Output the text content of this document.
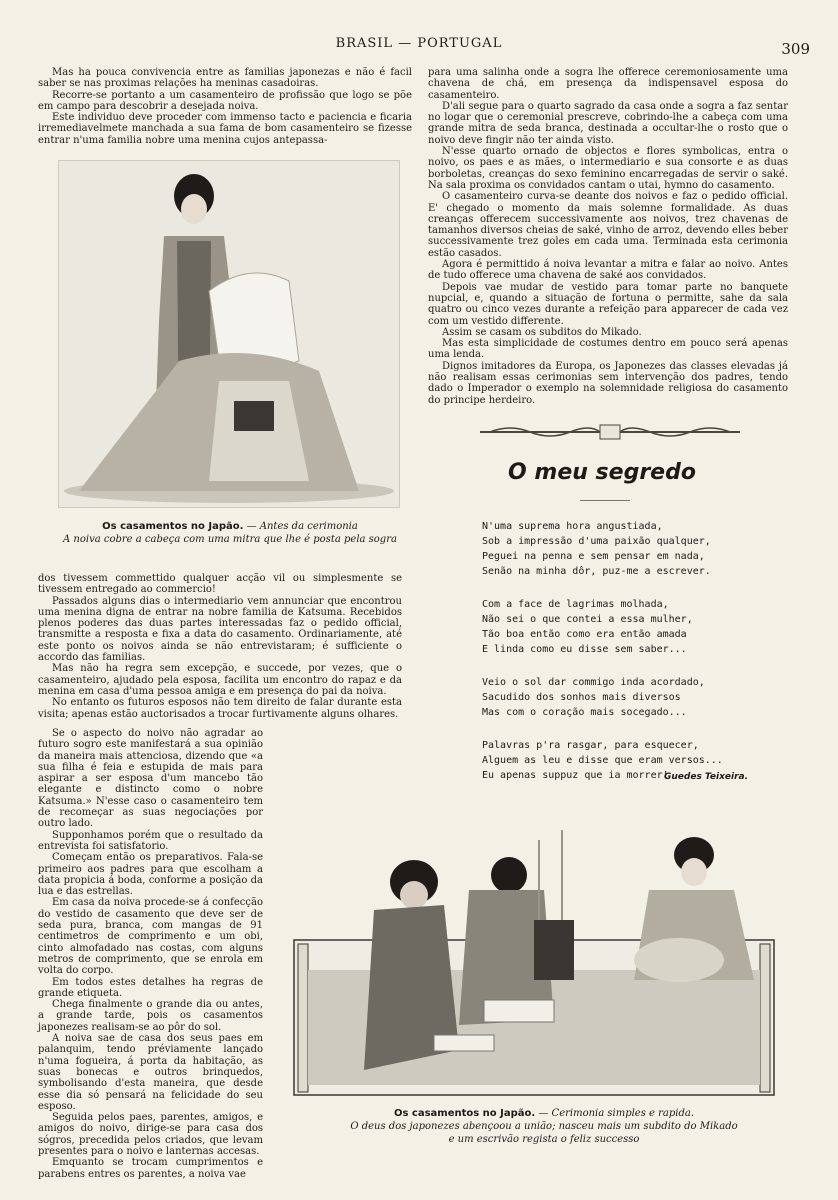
BRASIL — PORTUGAL	309

Mas ha pouca convivencia entre as familias japonezas e não é facil saber se nas proximas relações ha meninas casadoiras.

Recorre-se portanto a um casamenteiro de profissão que logo se põe em campo para descobrir a desejada noiva.

Este individuo deve proceder com immenso tacto e paciencia e ficaria irremediavelmete manchada a sua fama de bom casamenteiro se fizesse entrar n'uma familia nobre uma menina cujos antepassa-

Os casamentos no Japão. — Antes da cerimonia
A noiva cobre a cabeça com uma mitra que lhe é posta pela sogra

dos tivessem commettido qualquer acção vil ou simplesmente se tivessem entregado ao commercio!

Passados alguns dias o intermediario vem annunciar que encontrou uma menina digna de entrar na nobre familia de Katsuma. Recebidos plenos poderes das duas partes interessadas faz o pedido official, transmitte a resposta e fixa a data do casamento. Ordinariamente, até este ponto os noivos ainda se não entrevistaram; é sufficiente o accordo das familias.

Mas não ha regra sem excepção, e succede, por vezes, que o casamenteiro, ajudado pela esposa, facilita um encontro do rapaz e da menina em casa d'uma pessoa amiga e em presença do pai da noiva.

No entanto os futuros esposos não tem direito de falar durante esta visita; apenas estão auctorisados a trocar furtivamente alguns olhares.

Se o aspecto do noivo não agradar ao futuro sogro este manifestará a sua opinião da maneira mais attenciosa, dizendo que «a sua filha é feia e estupida de mais para aspirar a ser esposa d'um mancebo tão elegante e distincto como o nobre Katsuma.» N'esse caso o casamenteiro tem de recomeçar as suas negociações por outro lado.

Supponhamos porém que o resultado da entrevista foi satisfatorio.

Começam então os preparativos. Fala-se primeiro aos padres para que escolham a data propicia á boda, conforme a posição da lua e das estrellas.

Em casa da noiva procede-se á confecção do vestido de casamento que deve ser de seda pura, branca, com mangas de 91 centimetros de comprimento e um obi, cinto almofadado nas costas, com alguns metros de comprimento, que se enrola em volta do corpo.

Em todos estes detalhes ha regras de grande etiqueta.

Chega finalmente o grande dia ou antes, a grande tarde, pois os casamentos japonezes realisam-se ao pôr do sol.

A noiva sae de casa dos seus paes em palanquim, tendo préviamente lançado n'uma fogueira, á porta da habitação, as suas bonecas e outros brinquedos, symbolisando d'esta maneira, que desde esse dia só pensará na felicidade do seu esposo.

Seguida pelos paes, parentes, amigos, e amigos do noivo, dirige-se para casa dos sógros, precedida pelos criados, que levam presentes para o noivo e lanternas accesas.

Emquanto se trocam cumprimentos e parabens entres os parentes, a noiva vae

para uma salinha onde a sogra lhe offerece ceremoniosamente uma chavena de chá, em presença da indispensavel esposa do casamenteiro.

D'ali segue para o quarto sagrado da casa onde a sogra a faz sentar no logar que o ceremonial prescreve, cobrindo-lhe a cabeça com uma grande mitra de seda branca, destinada a occultar-lhe o rosto que o noivo deve fingir não ter ainda visto.

N'esse quarto ornado de objectos e flores symbolicas, entra o noivo, os paes e as mães, o intermediario e sua consorte e as duas borboletas, creanças do sexo feminino encarregadas de servir o saké. Na sala proxima os convidados cantam o utai, hymno do casamento.

O casamenteiro curva-se deante dos noivos e faz o pedido official. E' chegado o momento da mais solemne formalidade. As duas creanças offerecem successivamente aos noivos, trez chavenas de tamanhos diversos cheias de saké, vinho de arroz, devendo elles beber successivamente trez goles em cada uma. Terminada esta cerimonia estão casados.

Agora é permittido á noiva levantar a mitra e falar ao noivo. Antes de tudo offerece uma chavena de saké aos convidados.

Depois vae mudar de vestido para tomar parte no banquete nupcial, e, quando a situação de fortuna o permitte, sahe da sala quatro ou cinco vezes durante a refeição para apparecer de cada vez com um vestido differente.

Assim se casam os subditos do Mikado.

Mas esta simplicidade de costumes dentro em pouco será apenas uma lenda.

Dignos imitadores da Europa, os Japonezes das classes elevadas já não realisam essas cerimonias sem intervenção dos padres, tendo dado o Imperador o exemplo na solemnidade religiosa do casamento do principe herdeiro.

O meu segredo
N'uma suprema hora angustiada,
Sob a impressão d'uma paixão qualquer,
Peguei na penna e sem pensar em nada,
Senão na minha dôr, puz-me a escrever.
Com a face de lagrimas molhada,
Não sei o que contei a essa mulher,
Tão boa então como era então amada
E linda como eu disse sem saber...
Veio o sol dar commigo inda acordado,
Sacudido dos sonhos mais diversos
Mas com o coração mais socegado...
Palavras p'ra rasgar, para esquecer,
Alguem as leu e disse que eram versos...
Eu apenas suppuz que ia morrer!
Guedes Teixeira.
Os casamentos no Japão. — Cerimonia simples e rapida.
O deus dos japonezes abençoou a união; nasceu mais um subdito do Mikado
e um escrivão regista o feliz successo
